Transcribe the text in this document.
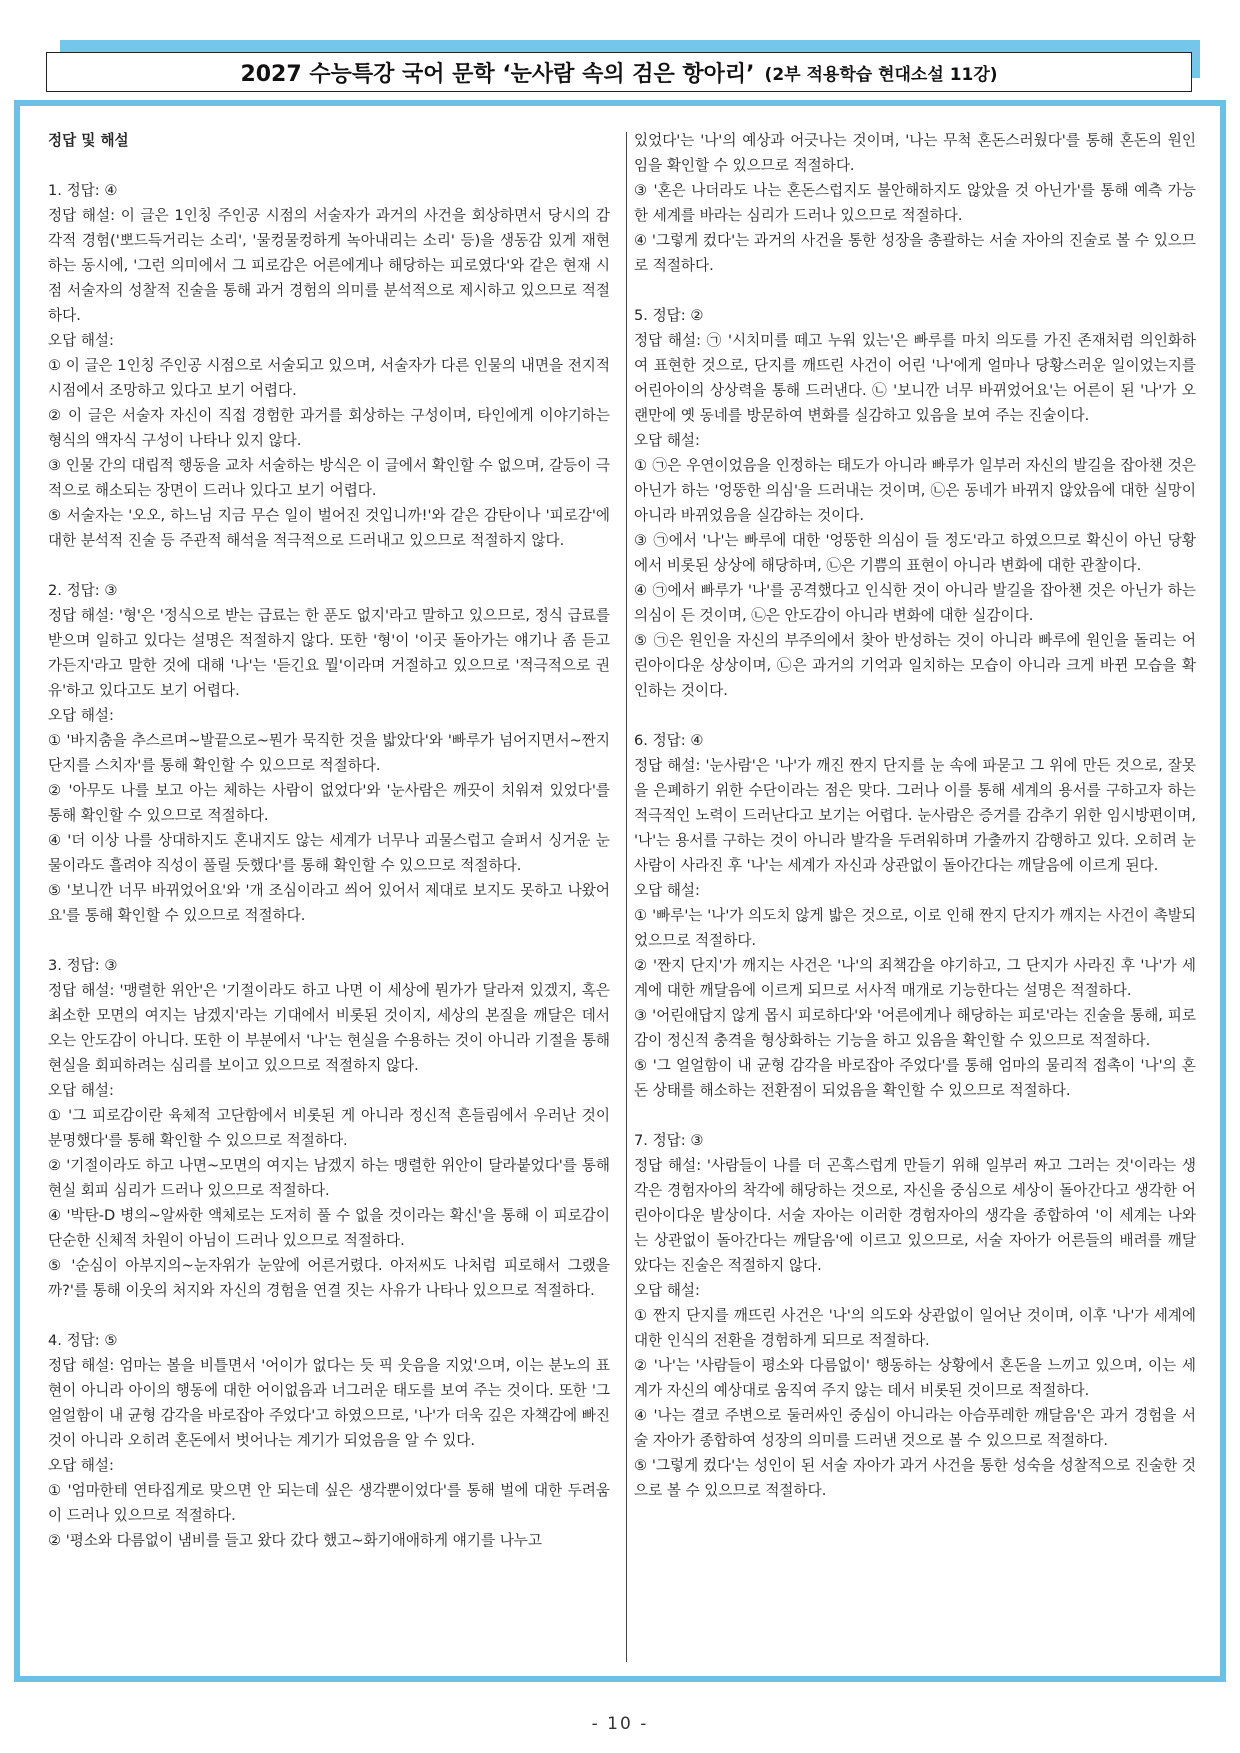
2027 수능특강 국어 문학 ‘눈사람 속의 검은 항아리’ (2부 적용학습 현대소설 11강)

정답 및 해설

1. 정답: ④

정답 해설: 이 글은 1인칭 주인공 시점의 서술자가 과거의 사건을 회상하면서 당시의 감각적 경험('뽀드득거리는 소리', '물컹물컹하게 녹아내리는 소리' 등)을 생동감 있게 재현하는 동시에, '그런 의미에서 그 피로감은 어른에게나 해당하는 피로였다'와 같은 현재 시점 서술자의 성찰적 진술을 통해 과거 경험의 의미를 분석적으로 제시하고 있으므로 적절하다.

오답 해설:

① 이 글은 1인칭 주인공 시점으로 서술되고 있으며, 서술자가 다른 인물의 내면을 전지적 시점에서 조망하고 있다고 보기 어렵다.

② 이 글은 서술자 자신이 직접 경험한 과거를 회상하는 구성이며, 타인에게 이야기하는 형식의 액자식 구성이 나타나 있지 않다.

③ 인물 간의 대립적 행동을 교차 서술하는 방식은 이 글에서 확인할 수 없으며, 갈등이 극적으로 해소되는 장면이 드러나 있다고 보기 어렵다.

⑤ 서술자는 '오오, 하느님 지금 무슨 일이 벌어진 것입니까!'와 같은 감탄이나 '피로감'에 대한 분석적 진술 등 주관적 해석을 적극적으로 드러내고 있으므로 적절하지 않다.

2. 정답: ③

정답 해설: '형'은 '정식으로 받는 급료는 한 푼도 없지'라고 말하고 있으므로, 정식 급료를 받으며 일하고 있다는 설명은 적절하지 않다. 또한 '형'이 '이곳 돌아가는 얘기나 좀 듣고 가든지'라고 말한 것에 대해 '나'는 '듣긴요 뭘'이라며 거절하고 있으므로 '적극적으로 권유'하고 있다고도 보기 어렵다.

오답 해설:

① '바지춤을 추스르며~발끝으로~뭔가 묵직한 것을 밟았다'와 '빠루가 넘어지면서~짠지 단지를 스치자'를 통해 확인할 수 있으므로 적절하다.

② '아무도 나를 보고 아는 체하는 사람이 없었다'와 '눈사람은 깨끗이 치워져 있었다'를 통해 확인할 수 있으므로 적절하다.

④ '더 이상 나를 상대하지도 혼내지도 않는 세계가 너무나 괴물스럽고 슬퍼서 싱거운 눈물이라도 흘려야 직성이 풀릴 듯했다'를 통해 확인할 수 있으므로 적절하다.

⑤ '보니깐 너무 바뀌었어요'와 '개 조심이라고 씌어 있어서 제대로 보지도 못하고 나왔어요'를 통해 확인할 수 있으므로 적절하다.

3. 정답: ③

정답 해설: '맹렬한 위안'은 '기절이라도 하고 나면 이 세상에 뭔가가 달라져 있겠지, 혹은 최소한 모면의 여지는 남겠지'라는 기대에서 비롯된 것이지, 세상의 본질을 깨달은 데서 오는 안도감이 아니다. 또한 이 부분에서 '나'는 현실을 수용하는 것이 아니라 기절을 통해 현실을 회피하려는 심리를 보이고 있으므로 적절하지 않다.

오답 해설:

① '그 피로감이란 육체적 고단함에서 비롯된 게 아니라 정신적 흔들림에서 우러난 것이 분명했다'를 통해 확인할 수 있으므로 적절하다.

② '기절이라도 하고 나면~모면의 여지는 남겠지 하는 맹렬한 위안이 달라붙었다'를 통해 현실 회피 심리가 드러나 있으므로 적절하다.

④ '박탄-D 병의~알싸한 액체로는 도저히 풀 수 없을 것이라는 확신'을 통해 이 피로감이 단순한 신체적 차원이 아님이 드러나 있으므로 적절하다.

⑤ '순심이 아부지의~눈자위가 눈앞에 어른거렸다. 아저씨도 나처럼 피로해서 그랬을까?'를 통해 이웃의 처지와 자신의 경험을 연결 짓는 사유가 나타나 있으므로 적절하다.

4. 정답: ⑤

정답 해설: 엄마는 볼을 비틀면서 '어이가 없다는 듯 픽 웃음을 지었'으며, 이는 분노의 표현이 아니라 아이의 행동에 대한 어이없음과 너그러운 태도를 보여 주는 것이다. 또한 '그 얼얼함이 내 균형 감각을 바로잡아 주었다'고 하였으므로, '나'가 더욱 깊은 자책감에 빠진 것이 아니라 오히려 혼돈에서 벗어나는 계기가 되었음을 알 수 있다.

오답 해설:

① '엄마한테 연타집게로 맞으면 안 되는데 싶은 생각뿐이었다'를 통해 벌에 대한 두려움이 드러나 있으므로 적절하다.

② '평소와 다름없이 냄비를 들고 왔다 갔다 했고~화기애애하게 얘기를 나누고

있었다'는 '나'의 예상과 어긋나는 것이며, '나는 무척 혼돈스러웠다'를 통해 혼돈의 원인임을 확인할 수 있으므로 적절하다.

③ '혼은 나더라도 나는 혼돈스럽지도 불안해하지도 않았을 것 아닌가'를 통해 예측 가능한 세계를 바라는 심리가 드러나 있으므로 적절하다.

④ '그렇게 컸다'는 과거의 사건을 통한 성장을 총괄하는 서술 자아의 진술로 볼 수 있으므로 적절하다.

5. 정답: ②

정답 해설: ㉠ '시치미를 떼고 누워 있는'은 빠루를 마치 의도를 가진 존재처럼 의인화하여 표현한 것으로, 단지를 깨뜨린 사건이 어린 '나'에게 얼마나 당황스러운 일이었는지를 어린아이의 상상력을 통해 드러낸다. ㉡ '보니깐 너무 바뀌었어요'는 어른이 된 '나'가 오랜만에 옛 동네를 방문하여 변화를 실감하고 있음을 보여 주는 진술이다.

오답 해설:

① ㉠은 우연이었음을 인정하는 태도가 아니라 빠루가 일부러 자신의 발길을 잡아챈 것은 아닌가 하는 '엉뚱한 의심'을 드러내는 것이며, ㉡은 동네가 바뀌지 않았음에 대한 실망이 아니라 바뀌었음을 실감하는 것이다.

③ ㉠에서 '나'는 빠루에 대한 '엉뚱한 의심이 들 정도'라고 하였으므로 확신이 아닌 당황에서 비롯된 상상에 해당하며, ㉡은 기쁨의 표현이 아니라 변화에 대한 관찰이다.

④ ㉠에서 빠루가 '나'를 공격했다고 인식한 것이 아니라 발길을 잡아챈 것은 아닌가 하는 의심이 든 것이며, ㉡은 안도감이 아니라 변화에 대한 실감이다.

⑤ ㉠은 원인을 자신의 부주의에서 찾아 반성하는 것이 아니라 빠루에 원인을 돌리는 어린아이다운 상상이며, ㉡은 과거의 기억과 일치하는 모습이 아니라 크게 바뀐 모습을 확인하는 것이다.

6. 정답: ④

정답 해설: '눈사람'은 '나'가 깨진 짠지 단지를 눈 속에 파묻고 그 위에 만든 것으로, 잘못을 은폐하기 위한 수단이라는 점은 맞다. 그러나 이를 통해 세계의 용서를 구하고자 하는 적극적인 노력이 드러난다고 보기는 어렵다. 눈사람은 증거를 감추기 위한 임시방편이며, '나'는 용서를 구하는 것이 아니라 발각을 두려워하며 가출까지 감행하고 있다. 오히려 눈사람이 사라진 후 '나'는 세계가 자신과 상관없이 돌아간다는 깨달음에 이르게 된다.

오답 해설:

① '빠루'는 '나'가 의도치 않게 밟은 것으로, 이로 인해 짠지 단지가 깨지는 사건이 촉발되었으므로 적절하다.

② '짠지 단지'가 깨지는 사건은 '나'의 죄책감을 야기하고, 그 단지가 사라진 후 '나'가 세계에 대한 깨달음에 이르게 되므로 서사적 매개로 기능한다는 설명은 적절하다.

③ '어린애답지 않게 몹시 피로하다'와 '어른에게나 해당하는 피로'라는 진술을 통해, 피로감이 정신적 충격을 형상화하는 기능을 하고 있음을 확인할 수 있으므로 적절하다.

⑤ '그 얼얼함이 내 균형 감각을 바로잡아 주었다'를 통해 엄마의 물리적 접촉이 '나'의 혼돈 상태를 해소하는 전환점이 되었음을 확인할 수 있으므로 적절하다.

7. 정답: ③

정답 해설: '사람들이 나를 더 곤혹스럽게 만들기 위해 일부러 짜고 그러는 것'이라는 생각은 경험자아의 착각에 해당하는 것으로, 자신을 중심으로 세상이 돌아간다고 생각한 어린아이다운 발상이다. 서술 자아는 이러한 경험자아의 생각을 종합하여 '이 세계는 나와는 상관없이 돌아간다는 깨달음'에 이르고 있으므로, 서술 자아가 어른들의 배려를 깨달았다는 진술은 적절하지 않다.

오답 해설:

① 짠지 단지를 깨뜨린 사건은 '나'의 의도와 상관없이 일어난 것이며, 이후 '나'가 세계에 대한 인식의 전환을 경험하게 되므로 적절하다.

② '나'는 '사람들이 평소와 다름없이' 행동하는 상황에서 혼돈을 느끼고 있으며, 이는 세계가 자신의 예상대로 움직여 주지 않는 데서 비롯된 것이므로 적절하다.

④ '나는 결코 주변으로 둘러싸인 중심이 아니라는 아슴푸레한 깨달음'은 과거 경험을 서술 자아가 종합하여 성장의 의미를 드러낸 것으로 볼 수 있으므로 적절하다.

⑤ '그렇게 컸다'는 성인이 된 서술 자아가 과거 사건을 통한 성숙을 성찰적으로 진술한 것으로 볼 수 있으므로 적절하다.

- 10 -
